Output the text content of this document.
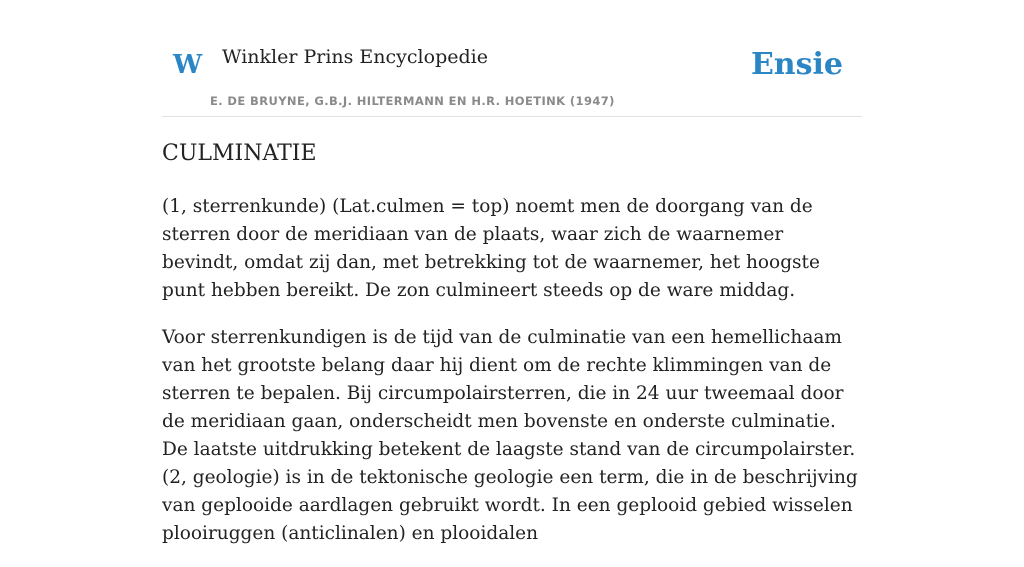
W Winkler Prins Encyclopedie
E. DE BRUYNE, G.B.J. HILTERMANN EN H.R. HOETINK (1947)
Ensie
CULMINATIE

(1, sterrenkunde) (Lat.culmen = top) noemt men de doorgang van de sterren door de meridiaan van de plaats, waar zich de waarnemer bevindt, omdat zij dan, met betrekking tot de waarnemer, het hoogste punt hebben bereikt. De zon culmineert steeds op de ware middag.

Voor sterrenkundigen is de tijd van de culminatie van een hemellichaam van het grootste belang daar hij dient om de rechte klimmingen van de sterren te bepalen. Bij circumpolairsterren, die in 24 uur tweemaal door de meridiaan gaan, onderscheidt men bovenste en onderste culminatie. De laatste uitdrukking betekent de laagste stand van de circumpolairster.(2, geologie) is in de tektonische geologie een term, die in de beschrijving van geplooide aardlagen gebruikt wordt. In een geplooid gebied wisselen plooiruggen (anticlinalen) en plooidalen
